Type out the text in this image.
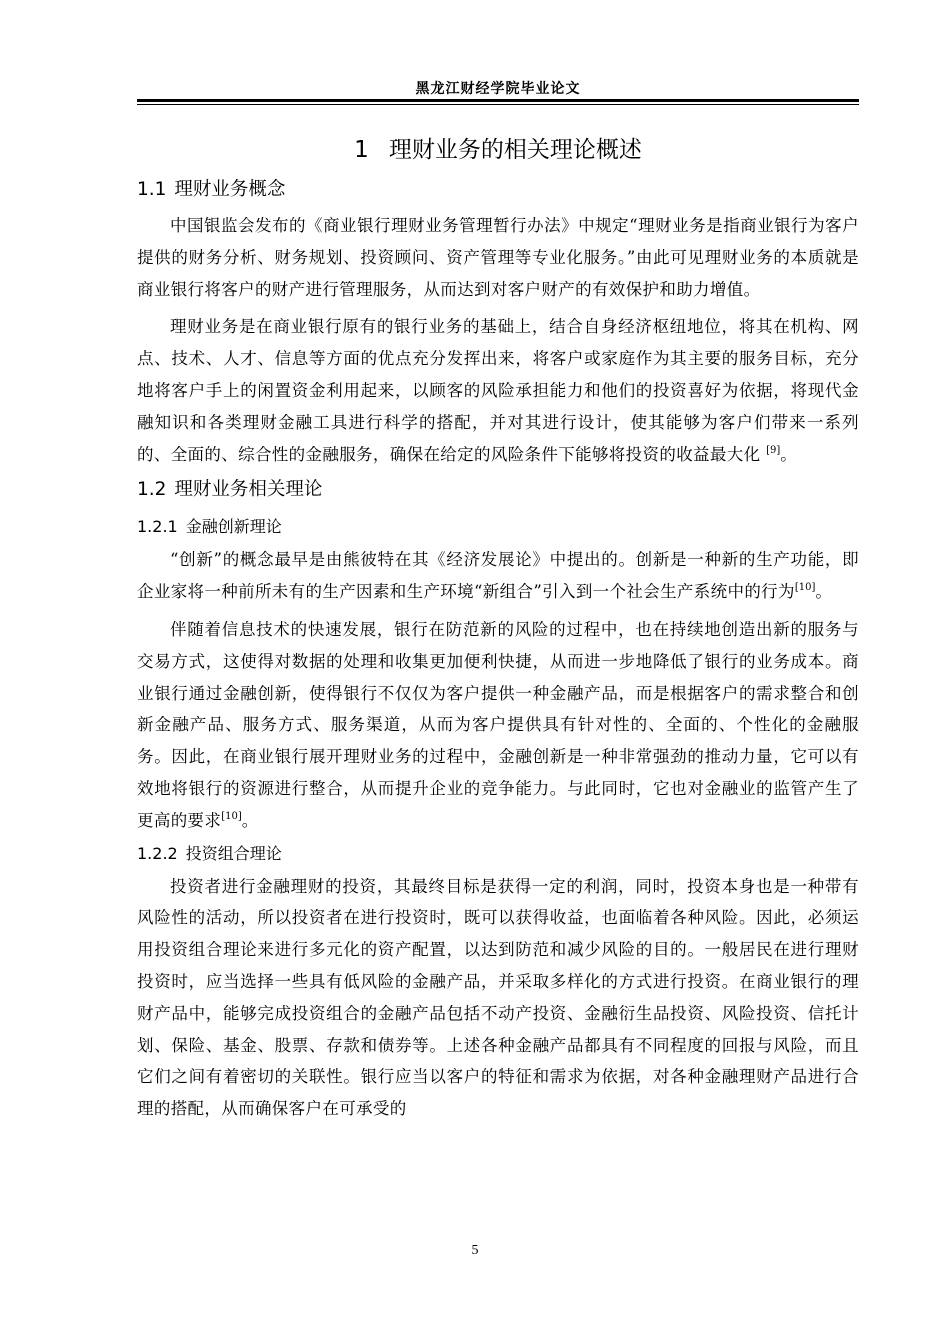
黑龙江财经学院毕业论文
1 理财业务的相关理论概述
1.1 理财业务概念

中国银监会发布的《商业银行理财业务管理暂行办法》中规定“理财业务是指商业银行为客户提供的财务分析、财务规划、投资顾问、资产管理等专业化服务。”由此可见理财业务的本质就是商业银行将客户的财产进行管理服务，从而达到对客户财产的有效保护和助力增值。

理财业务是在商业银行原有的银行业务的基础上，结合自身经济枢纽地位，将其在机构、网点、技术、人才、信息等方面的优点充分发挥出来，将客户或家庭作为其主要的服务目标，充分地将客户手上的闲置资金利用起来，以顾客的风险承担能力和他们的投资喜好为依据，将现代金融知识和各类理财金融工具进行科学的搭配，并对其进行设计，使其能够为客户们带来一系列的、全面的、综合性的金融服务，确保在给定的风险条件下能够将投资的收益最大化 [9]。

1.2 理财业务相关理论
1.2.1 金融创新理论

“创新”的概念最早是由熊彼特在其《经济发展论》中提出的。创新是一种新的生产功能，即企业家将一种前所未有的生产因素和生产环境“新组合”引入到一个社会生产系统中的行为[10]。

伴随着信息技术的快速发展，银行在防范新的风险的过程中，也在持续地创造出新的服务与交易方式，这使得对数据的处理和收集更加便利快捷，从而进一步地降低了银行的业务成本。商业银行通过金融创新，使得银行不仅仅为客户提供一种金融产品，而是根据客户的需求整合和创新金融产品、服务方式、服务渠道，从而为客户提供具有针对性的、全面的、个性化的金融服务。因此，在商业银行展开理财业务的过程中，金融创新是一种非常强劲的推动力量，它可以有效地将银行的资源进行整合，从而提升企业的竞争能力。与此同时，它也对金融业的监管产生了更高的要求[10]。

1.2.2 投资组合理论

投资者进行金融理财的投资，其最终目标是获得一定的利润，同时，投资本身也是一种带有风险性的活动，所以投资者在进行投资时，既可以获得收益，也面临着各种风险。因此，必须运用投资组合理论来进行多元化的资产配置，以达到防范和减少风险的目的。一般居民在进行理财投资时，应当选择一些具有低风险的金融产品，并采取多样化的方式进行投资。在商业银行的理财产品中，能够完成投资组合的金融产品包括不动产投资、金融衍生品投资、风险投资、信托计划、保险、基金、股票、存款和债券等。上述各种金融产品都具有不同程度的回报与风险，而且它们之间有着密切的关联性。银行应当以客户的特征和需求为依据，对各种金融理财产品进行合理的搭配，从而确保客户在可承受的

5
